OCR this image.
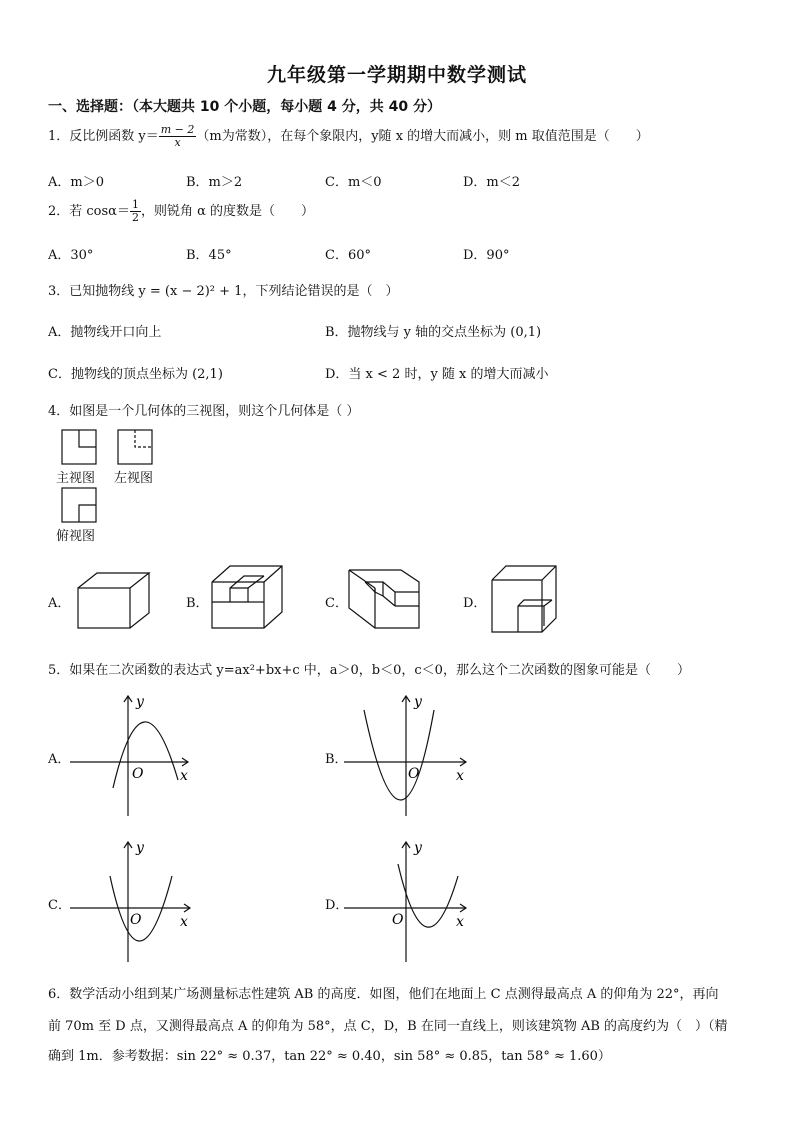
九年级第一学期期中数学测试
一、选择题：（本大题共 10 个小题，每小题 4 分，共 40 分）
1．反比例函数 $y= \frac{m - 2}{x} (m$为常数），在每个象限内，y随 x 的增大而减小，则 m 取值范围是（　　）
A．m＞0	B．m＞2	C．m＜0	D．m＜2
2．若 $\cos\alpha= \frac{1}{2}$ ，则锐角 α 的度数是（　　）
A．30°	B．45°	C．60°	D．90°
3．已知抛物线 y = (x − 2)² + 1，下列结论错误的是（　）
A．抛物线开口向上	B．抛物线与 y 轴的交点坐标为 (0,1)
C．抛物线的顶点坐标为 (2,1)	D．当 x < 2 时，y 随 x 的增大而减小
4．如图是一个几何体的三视图，则这个几何体是（ ）
主视图 左视图
俯视图
A．	B．	C．	D．
5．如果在二次函数的表达式 y=ax²+bx+c 中，a＞0，b＜0，c＜0，那么这个二次函数的图象可能是（　　）
A．
y
x
O
B．
y
x
O
C．
y
x
O
D．
y
x
O
6．数学活动小组到某广场测量标志性建筑 AB 的高度．如图，他们在地面上 C 点测得最高点 A 的仰角为 22°，再向
前 70m 至 D 点，又测得最高点 A 的仰角为 58°，点 C，D，B 在同一直线上，则该建筑物 AB 的高度约为（　）（精
确到 1m．参考数据：sin 22° ≈ 0.37，tan 22° ≈ 0.40，sin 58° ≈ 0.85，tan 58° ≈ 1.60）
